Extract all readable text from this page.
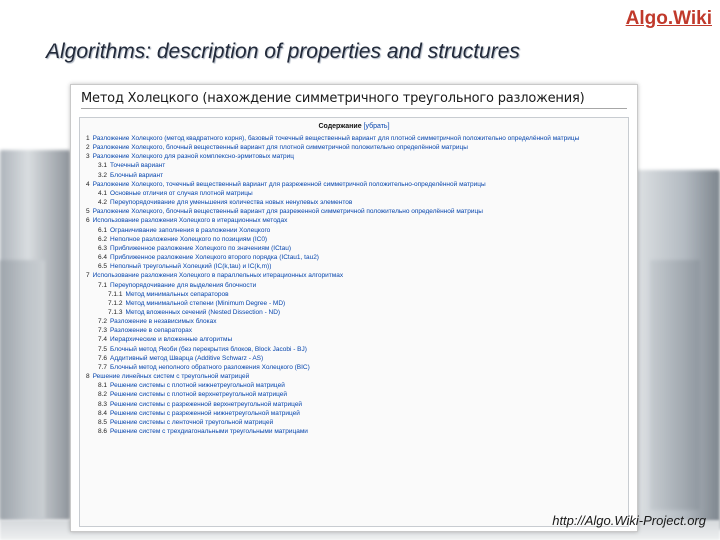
Algo.Wiki
Algorithms: description of properties and structures
Метод Холецкого (нахождение симметричного треугольного разложения)
Содержание [убрать]
1 Разложение Холецкого (метод квадратного корня), базовый точечный вещественный вариант для плотной симметричной положительно определённой матрицы
2 Разложение Холецкого, блочный вещественный вариант для плотной симметричной положительно определённой матрицы
3 Разложение Холецкого для разной комплексно-эрмитовых матриц
3.1 Точечный вариант
3.2 Блочный вариант
4 Разложение Холецкого, точечный вещественный вариант для разреженной симметричной положительно-определённой матрицы
4.1 Основные отличия от случая плотной матрицы
4.2 Переупорядочивание для уменьшения количества новых ненулевых элементов
5 Разложение Холецкого, блочный вещественный вариант для разреженной симметричной положительно определённой матрицы
6 Использование разложения Холецкого в итерационных методах
6.1 Ограничивание заполнения в разложении Холецкого
6.2 Неполное разложение Холецкого по позициям (IC0)
6.3 Приближенное разложение Холецкого по значениям (ICtau)
6.4 Приближенное разложение Холецкого второго порядка (ICtau1, tau2)
6.5 Неполный треугольный Холецкий (IC(k,tau) и IC(k,m))
7 Использование разложения Холецкого в параллельных итерационных алгоритмах
7.1 Переупорядочивание для выделения блочности
7.1.1 Метод минимальных сепараторов
7.1.2 Метод минимальной степени (Minimum Degree - MD)
7.1.3 Метод вложенных сечений (Nested Dissection - ND)
7.2 Разложение в независимых блоках
7.3 Разложение в сепараторах
7.4 Иерархические и вложенные алгоритмы
7.5 Блочный метод Якоби (без перекрытия блоков, Block Jacobi - BJ)
7.6 Аддитивный метод Шварца (Additive Schwarz - AS)
7.7 Блочный метод неполного обратного разложения Холецкого (BIC)
8 Решение линейных систем с треугольной матрицей
8.1 Решение системы с плотной нижнетреугольной матрицей
8.2 Решение системы с плотной верхнетреугольной матрицей
8.3 Решение системы с разреженной верхнетреугольной матрицей
8.4 Решение системы с разреженной нижнетреугольной матрицей
8.5 Решение системы с ленточной треугольной матрицей
8.6 Решение систем с трехдиагональными треугольными матрицами
http://Algo.Wiki-Project.org
